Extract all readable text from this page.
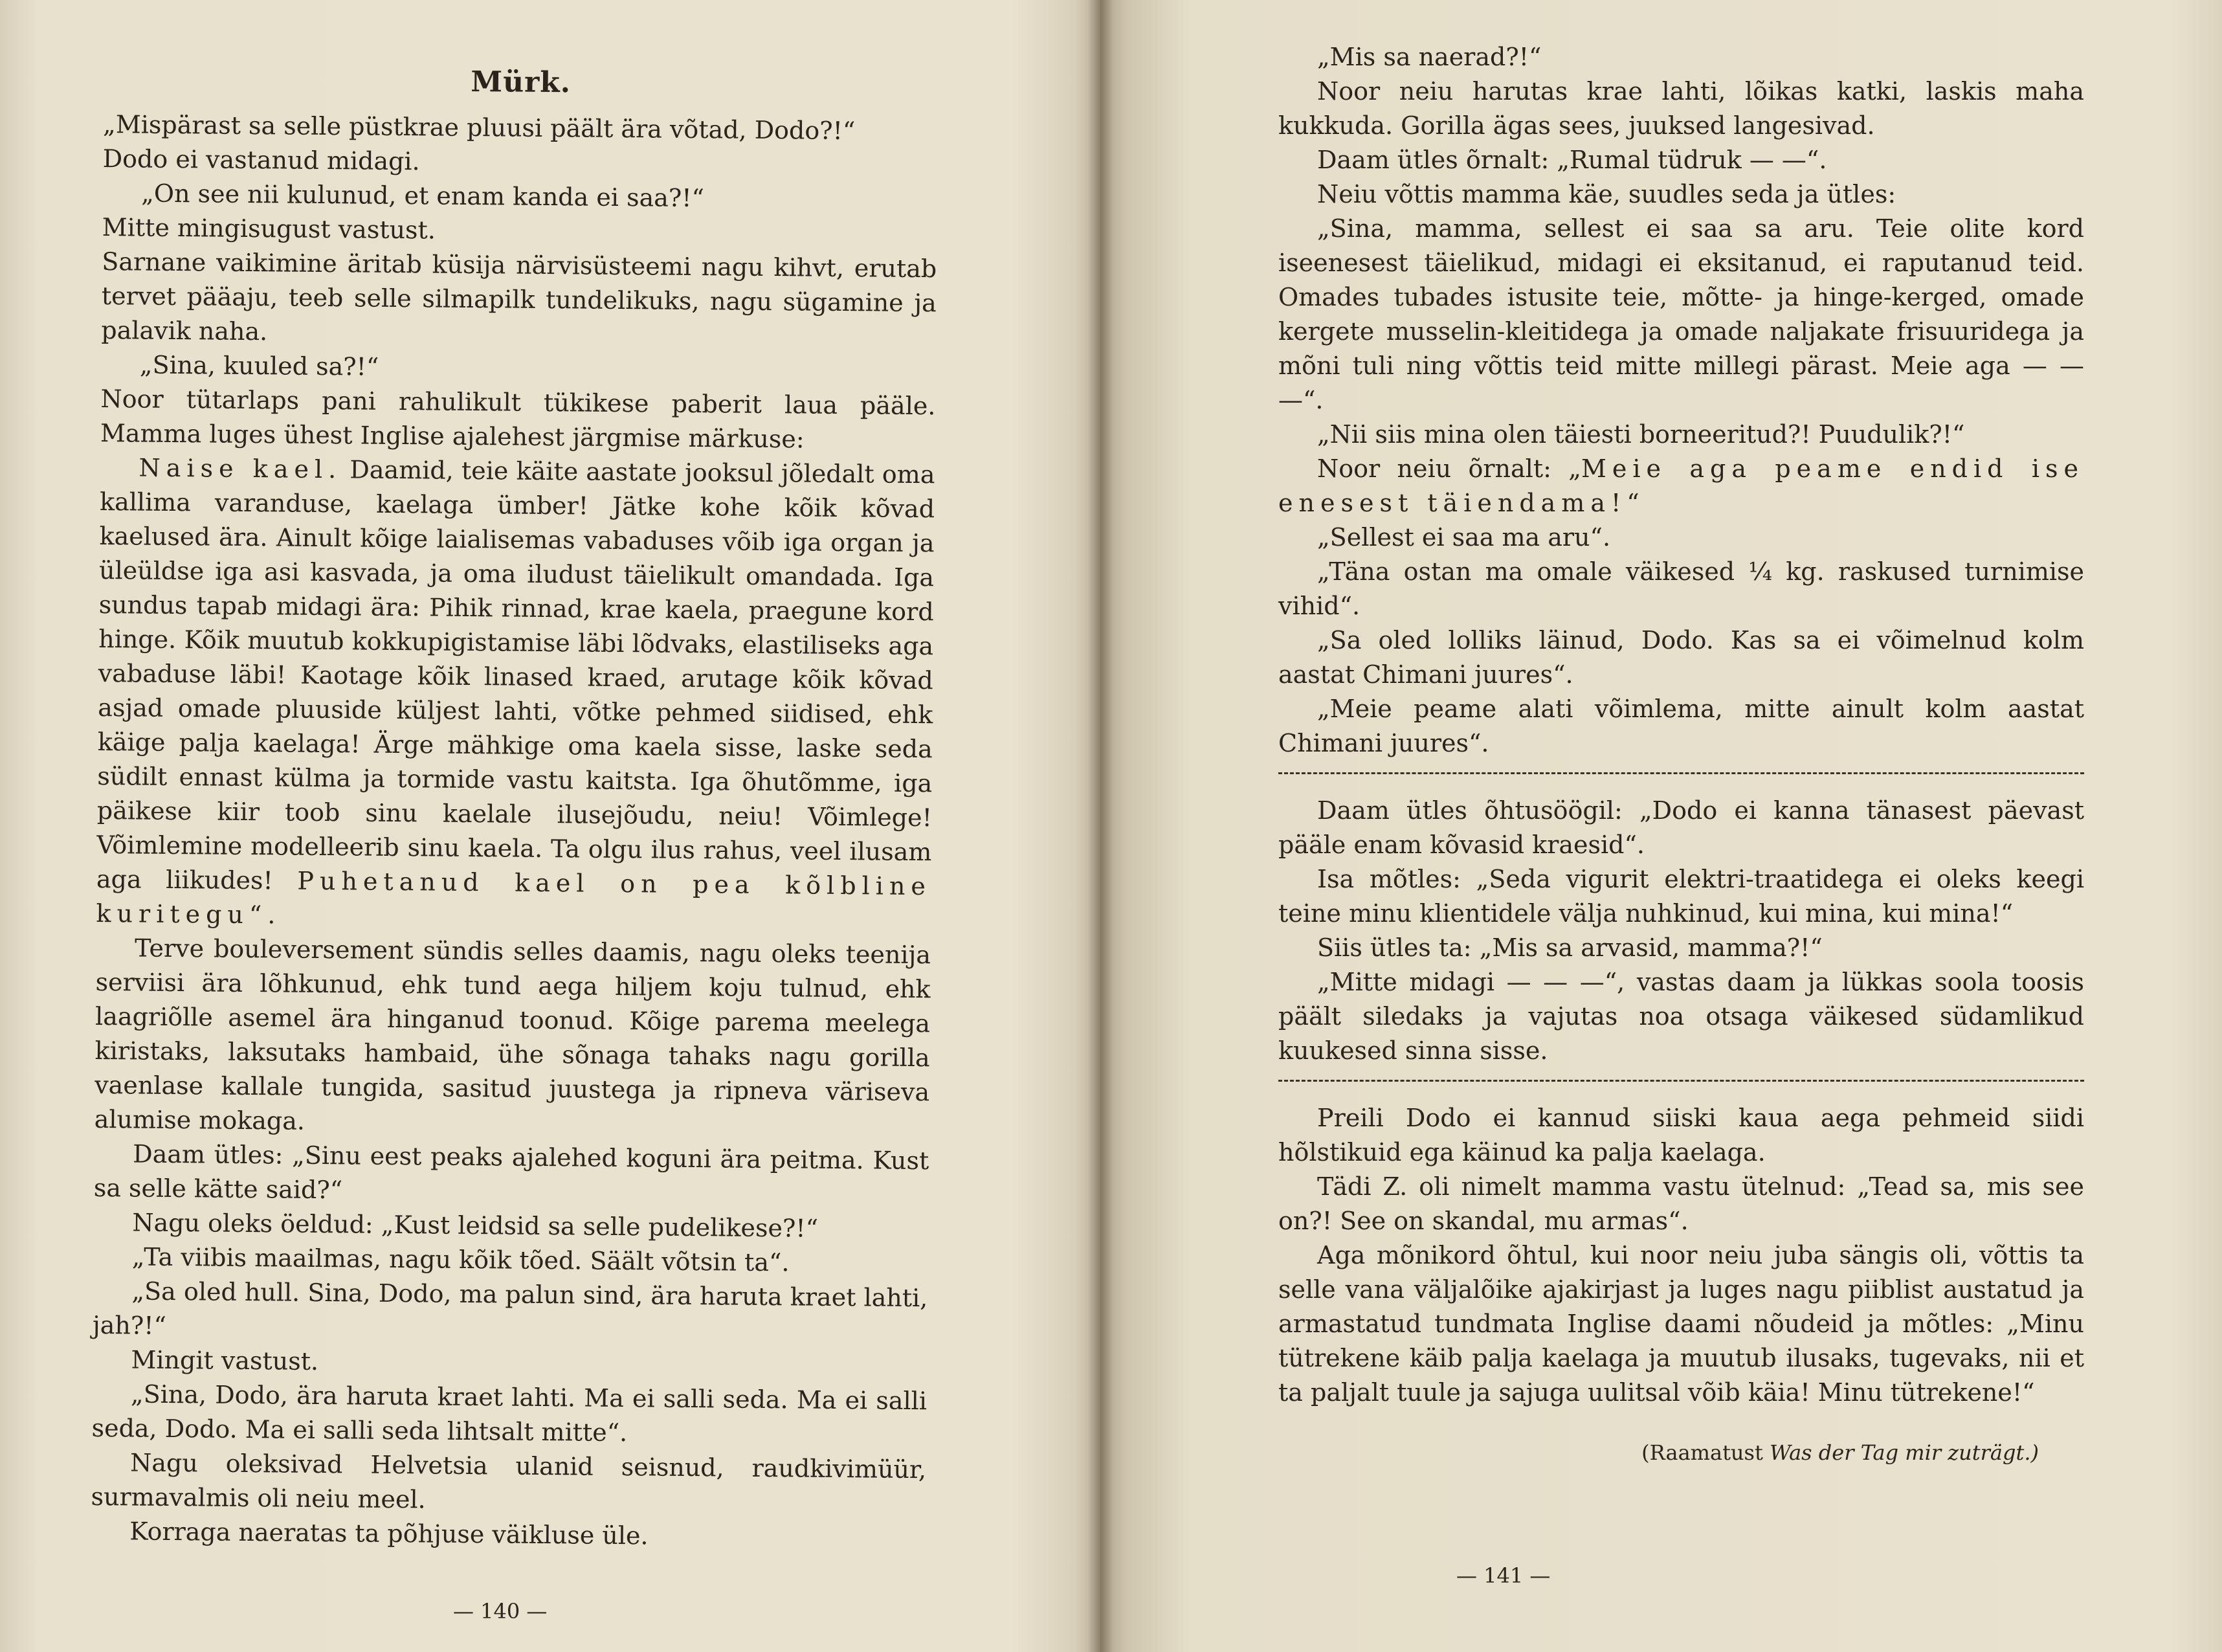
Mürk.

„Mispärast sa selle püstkrae pluusi päält ära võtad, Dodo?!“

Dodo ei vastanud midagi.

„On see nii kulunud, et enam kanda ei saa?!“

Mitte mingisugust vastust.

Sarnane vaikimine äritab küsija närvisüsteemi nagu kihvt, erutab tervet pääaju, teeb selle silmapilk tundelikuks, nagu sügamine ja palavik naha.

„Sina, kuuled sa?!“

Noor tütarlaps pani rahulikult tükikese paberit laua pääle. Mamma luges ühest Inglise ajalehest järgmise märkuse:

Naise kael. Daamid, teie käite aastate jooksul jõledalt oma kallima varanduse, kaelaga ümber! Jätke kohe kõik kõvad kaelused ära. Ainult kõige laialisemas vabaduses võib iga organ ja üleüldse iga asi kasvada, ja oma iludust täielikult omandada. Iga sundus tapab midagi ära: Pihik rinnad, krae kaela, praegune kord hinge. Kõik muutub kokkupigistamise läbi lõdvaks, elastiliseks aga vabaduse läbi! Kaotage kõik linased kraed, arutage kõik kõvad asjad omade pluuside küljest lahti, võtke pehmed siidised, ehk käige palja kaelaga! Ärge mähkige oma kaela sisse, laske seda südilt ennast külma ja tormide vastu kaitsta. Iga õhutõmme, iga päikese kiir toob sinu kaelale ilusejõudu, neiu! Võimlege! Võimlemine modelleerib sinu kaela. Ta olgu ilus rahus, veel ilusam aga liikudes! Puhetanud kael on pea kõlbline kuritegu“.

Terve bouleversement sündis selles daamis, nagu oleks teenija serviisi ära lõhkunud, ehk tund aega hiljem koju tulnud, ehk laagriõlle asemel ära hinganud toonud. Kõige parema meelega kiristaks, laksutaks hambaid, ühe sõnaga tahaks nagu gorilla vaenlase kallale tungida, sasitud juustega ja ripneva väriseva alumise mokaga.

Daam ütles: „Sinu eest peaks ajalehed koguni ära peitma. Kust sa selle kätte said?“

Nagu oleks öeldud: „Kust leidsid sa selle pudelikese?!“

„Ta viibis maailmas, nagu kõik tõed. Säält võtsin ta“.

„Sa oled hull. Sina, Dodo, ma palun sind, ära haruta kraet lahti, jah?!“

Mingit vastust.

„Sina, Dodo, ära haruta kraet lahti. Ma ei salli seda. Ma ei salli seda, Dodo. Ma ei salli seda lihtsalt mitte“.

Nagu oleksivad Helvetsia ulanid seisnud, raudkivimüür, surmavalmis oli neiu meel.

Korraga naeratas ta põhjuse väikluse üle.

— 140 —

„Mis sa naerad?!“

Noor neiu harutas krae lahti, lõikas katki, laskis maha kukkuda. Gorilla ägas sees, juuksed langesivad.

Daam ütles õrnalt: „Rumal tüdruk — —“.

Neiu võttis mamma käe, suudles seda ja ütles:

„Sina, mamma, sellest ei saa sa aru. Teie olite kord iseenesest täielikud, midagi ei eksitanud, ei raputanud teid. Omades tubades istusite teie, mõtte- ja hinge-kerged, omade kergete musselin-kleitidega ja omade naljakate frisuuridega ja mõni tuli ning võttis teid mitte millegi pärast. Meie aga — — —“.

„Nii siis mina olen täiesti borneeritud?! Puudulik?!“

Noor neiu õrnalt: „Meie aga peame endid ise enesest täiendama!“

„Sellest ei saa ma aru“.

„Täna ostan ma omale väikesed ¼ kg. raskused turnimise vihid“.

„Sa oled lolliks läinud, Dodo. Kas sa ei võimelnud kolm aastat Chimani juures“.

„Meie peame alati võimlema, mitte ainult kolm aastat Chimani juures“.

Daam ütles õhtusöögil: „Dodo ei kanna tänasest päevast pääle enam kõvasid kraesid“.

Isa mõtles: „Seda vigurit elektri-traatidega ei oleks keegi teine minu klientidele välja nuhkinud, kui mina, kui mina!“

Siis ütles ta: „Mis sa arvasid, mamma?!“

„Mitte midagi — — —“, vastas daam ja lükkas soola toosis päält siledaks ja vajutas noa otsaga väikesed südamlikud kuukesed sinna sisse.

Preili Dodo ei kannud siiski kaua aega pehmeid siidi hõlstikuid ega käinud ka palja kaelaga.

Tädi Z. oli nimelt mamma vastu ütelnud: „Tead sa, mis see on?! See on skandal, mu armas“.

Aga mõnikord õhtul, kui noor neiu juba sängis oli, võttis ta selle vana väljalõike ajakirjast ja luges nagu piiblist austatud ja armastatud tundmata Inglise daami nõudeid ja mõtles: „Minu tütrekene käib palja kaelaga ja muutub ilusaks, tugevaks, nii et ta paljalt tuule ja sajuga uulitsal võib käia! Minu tütrekene!“

(Raamatust Was der Tag mir zuträgt.)
— 141 —
